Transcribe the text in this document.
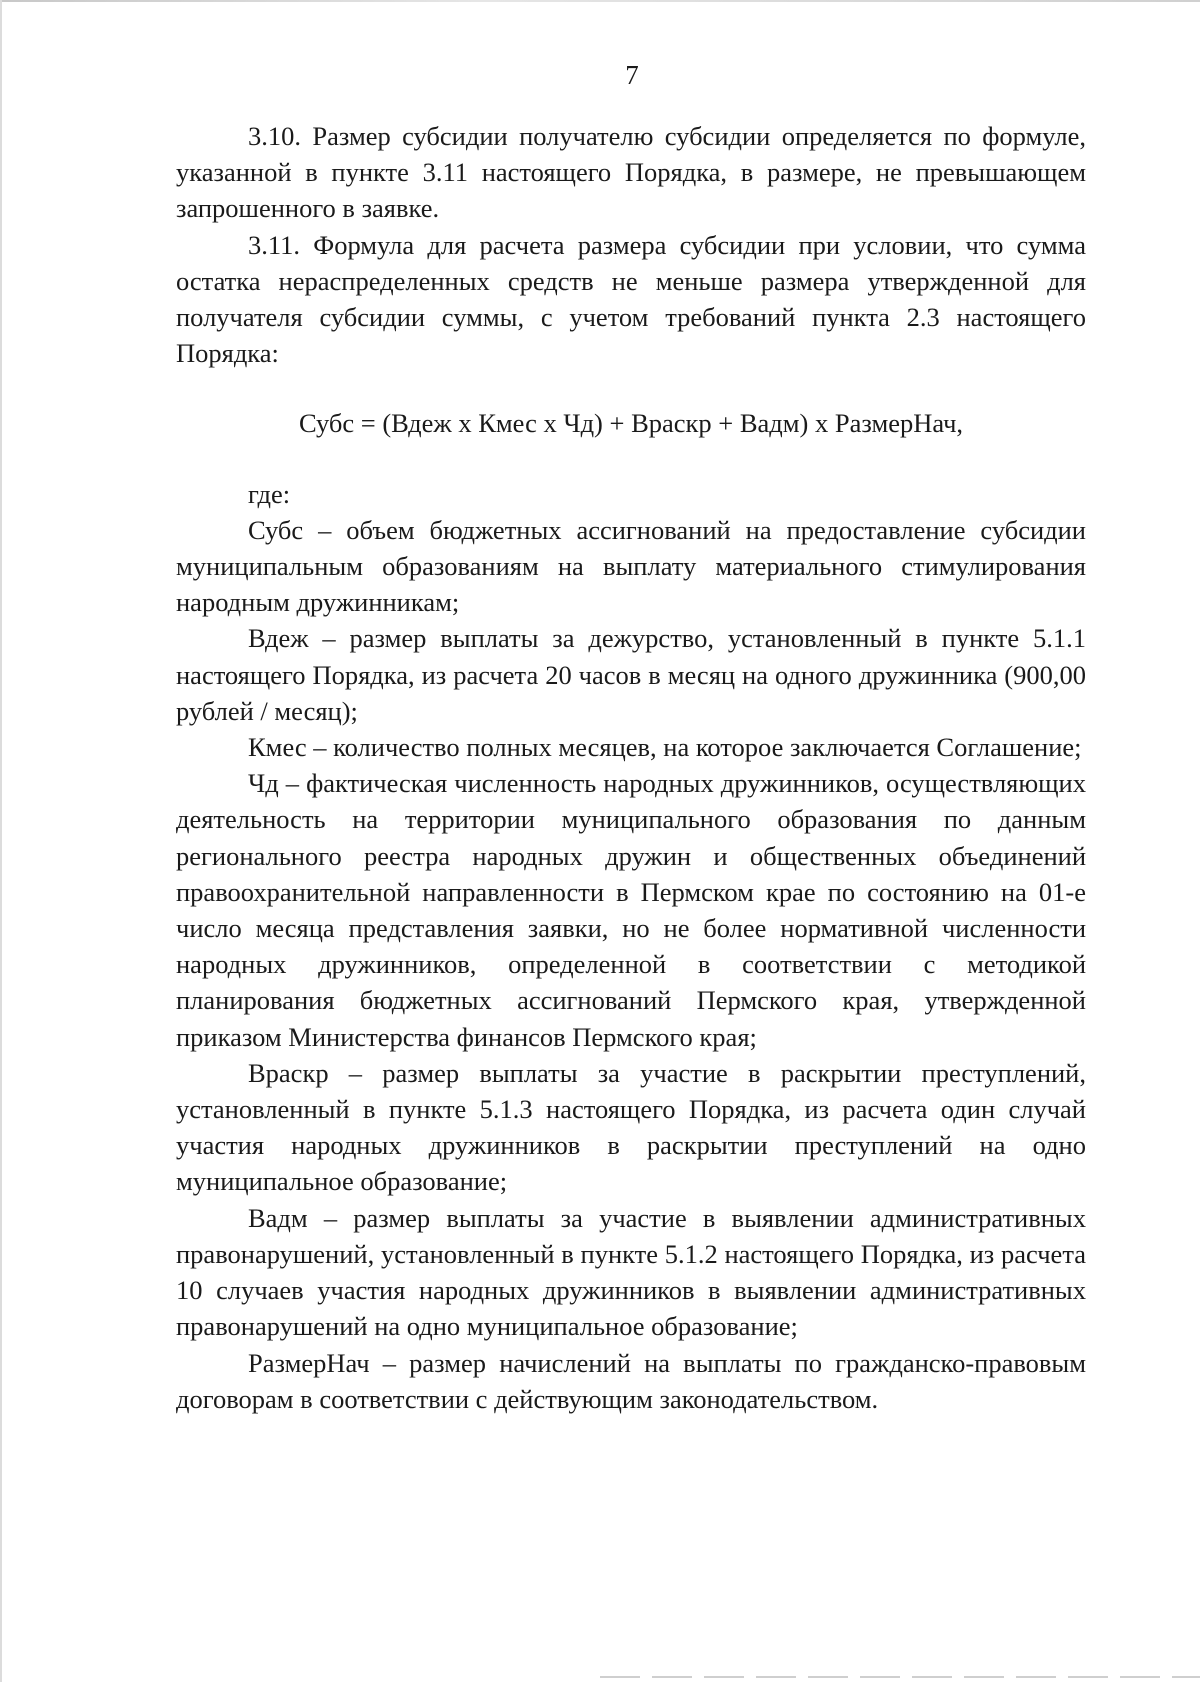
7

3.10. Размер субсидии получателю субсидии определяется по формуле, указанной в пункте 3.11 настоящего Порядка, в размере, не превышающем запрошенного в заявке.

3.11. Формула для расчета размера субсидии при условии, что сумма остатка нераспределенных средств не меньше размера утвержденной для получателя субсидии суммы, с учетом требований пункта 2.3 настоящего Порядка:

Субс = (Вдеж х Кмес х Чд) + Враскр + Вадм) х РазмерНач,

где:

Субс – объем бюджетных ассигнований на предоставление субсидии муниципальным образованиям на выплату материального стимулирования народным дружинникам;

Вдеж – размер выплаты за дежурство, установленный в пункте 5.1.1 настоящего Порядка, из расчета 20 часов в месяц на одного дружинника (900,00 рублей / месяц);

Кмес – количество полных месяцев, на которое заключается Соглашение;

Чд – фактическая численность народных дружинников, осуществляющих деятельность на территории муниципального образования по данным регионального реестра народных дружин и общественных объединений правоохранительной направленности в Пермском крае по состоянию на 01-е число месяца представления заявки, но не более нормативной численности народных дружинников, определенной в соответствии с методикой планирования бюджетных ассигнований Пермского края, утвержденной приказом Министерства финансов Пермского края;

Враскр – размер выплаты за участие в раскрытии преступлений, установленный в пункте 5.1.3 настоящего Порядка, из расчета один случай участия народных дружинников в раскрытии преступлений на одно муниципальное образование;

Вадм – размер выплаты за участие в выявлении административных правонарушений, установленный в пункте 5.1.2 настоящего Порядка, из расчета 10 случаев участия народных дружинников в выявлении административных правонарушений на одно муниципальное образование;

РазмерНач – размер начислений на выплаты по гражданско-правовым договорам в соответствии с действующим законодательством.
